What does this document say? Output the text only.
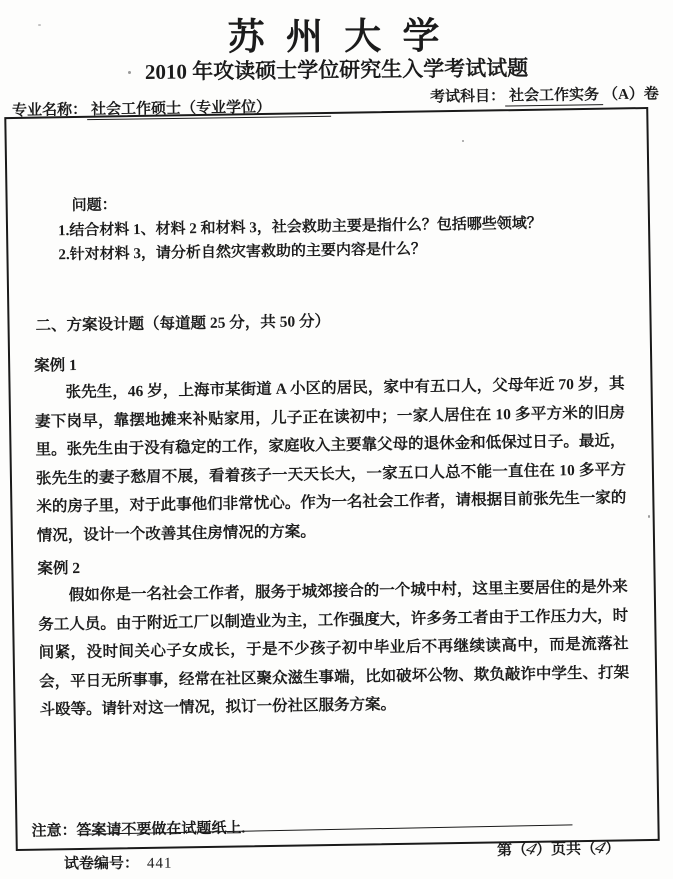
苏 州 大 学
2010 年攻读硕士学位研究生入学考试试题
专业名称： 社会工作硕士（专业学位）
考试科目： 社会工作实务 （A）卷
问题：
1.结合材料 1、材料 2 和材料 3，社会救助主要是指什么？包括哪些领域？
2.针对材料 3，请分析自然灾害救助的主要内容是什么？
二、方案设计题（每道题 25 分，共 50 分）
案例 1

张先生，46 岁，上海市某街道 A 小区的居民，家中有五口人，父母年近 70 岁，其妻下岗早，靠摆地摊来补贴家用，儿子正在读初中；一家人居住在 10 多平方米的旧房里。张先生由于没有稳定的工作，家庭收入主要靠父母的退休金和低保过日子。最近，张先生的妻子愁眉不展，看着孩子一天天长大，一家五口人总不能一直住在 10 多平方米的房子里，对于此事他们非常忧心。作为一名社会工作者，请根据目前张先生一家的情况，设计一个改善其住房情况的方案。

案例 2

假如你是一名社会工作者，服务于城郊接合的一个城中村，这里主要居住的是外来务工人员。由于附近工厂以制造业为主，工作强度大，许多务工者由于工作压力大，时间紧，没时间关心子女成长，于是不少孩子初中毕业后不再继续读高中，而是流落社会，平日无所事事，经常在社区聚众滋生事端，比如破坏公物、欺负敲诈中学生、打架斗殴等。请针对这一情况，拟订一份社区服务方案。

注意：答案请不要做在试题纸上.
试卷编号： 441
第（4）页共（4）
